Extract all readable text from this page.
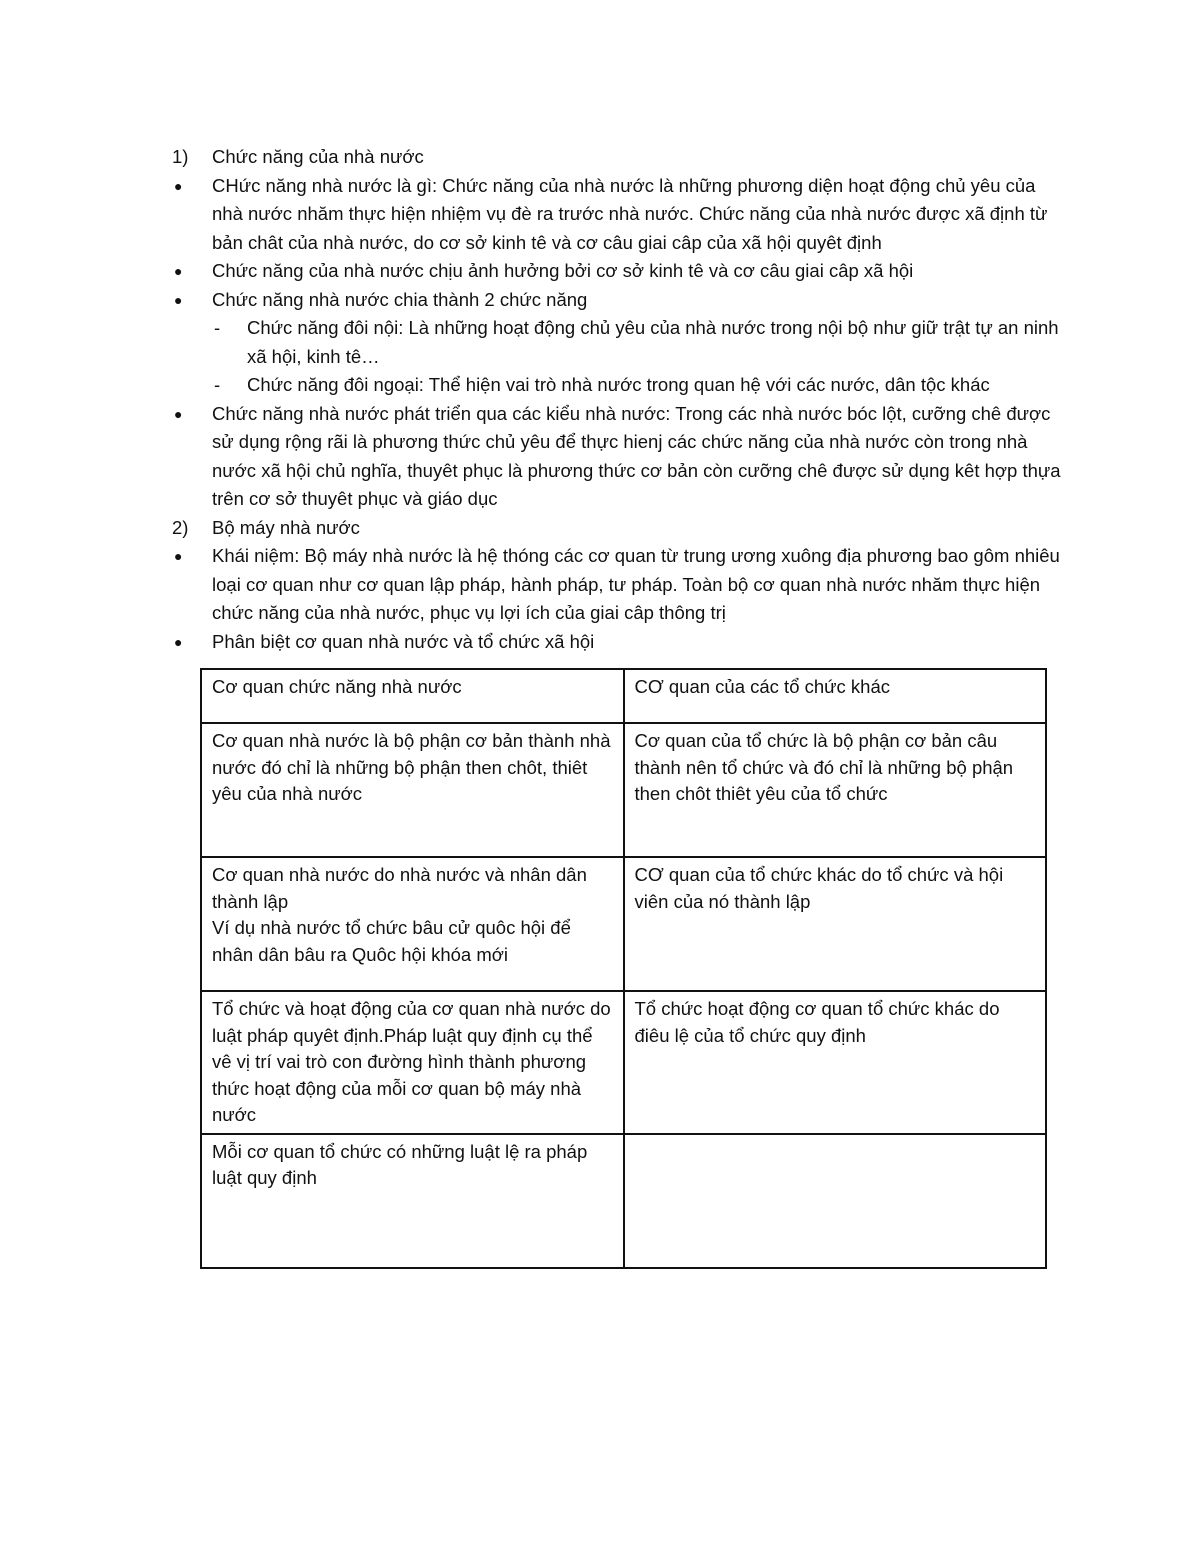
1) Chức năng của nhà nước
● CHức năng nhà nước là gì: Chức năng của nhà nước là những phương diện hoạt động chủ yêu của nhà nước nhăm thực hiện nhiệm vụ đè ra trước nhà nước. Chức năng của nhà nước được xã định từ bản chât của nhà nước, do cơ sở kinh tê và cơ câu giai câp của xã hội quyêt định
● Chức năng của nhà nước chịu ảnh hưởng bởi cơ sở kinh tê và cơ câu giai câp xã hội
● Chức năng nhà nước chia thành 2 chức năng
- Chức năng đôi nội: Là những hoạt động chủ yêu của nhà nước trong nội bộ như giữ trật tự an ninh xã hội, kinh tê…
- Chức năng đôi ngoại: Thể hiện vai trò nhà nước trong quan hệ với các nước, dân tộc khác
● Chức năng nhà nước phát triển qua các kiểu nhà nước: Trong các nhà nước bóc lột, cưỡng chê được sử dụng rộng rãi là phương thức chủ yêu để thực hienj các chức năng của nhà nước còn trong nhà nước xã hội chủ nghĩa, thuyêt phục là phương thức cơ bản còn cưỡng chê được sử dụng kêt hợp thựa trên cơ sở thuyêt phục và giáo dục
2) Bộ máy nhà nước
● Khái niệm: Bộ máy nhà nước là hệ thóng các cơ quan từ trung ương xuông địa phương bao gôm nhiêu loại cơ quan như cơ quan lập pháp, hành pháp, tư pháp. Toàn bộ cơ quan nhà nước nhăm thực hiện chức năng của nhà nước, phục vụ lợi ích của giai câp thông trị
● Phân biệt cơ quan nhà nước và tổ chức xã hội
Cơ quan chức năng nhà nước	CƠ quan của các tổ chức khác
Cơ quan nhà nước là bộ phận cơ bản thành nhà nước đó chỉ là những bộ phận then chôt, thiêt yêu của nhà nước	Cơ quan của tổ chức là bộ phận cơ bản câu thành nên tổ chức và đó chỉ là những bộ phận then chôt thiêt yêu của tổ chức
Cơ quan nhà nước do nhà nước và nhân dân thành lập
Ví dụ nhà nước tổ chức bâu cử quôc hội để nhân dân bâu ra Quôc hội khóa mới	CƠ quan của tổ chức khác do tổ chức và hội viên của nó thành lập
Tổ chức và hoạt động của cơ quan nhà nước do luật pháp quyêt định.Pháp luật quy định cụ thể vê vị trí vai trò con đường hình thành phương thức hoạt động của mỗi cơ quan bộ máy nhà nước	Tổ chức hoạt động cơ quan tổ chức khác do điêu lệ của tổ chức quy định
Mỗi cơ quan tổ chức có những luật lệ ra pháp luật quy định	
